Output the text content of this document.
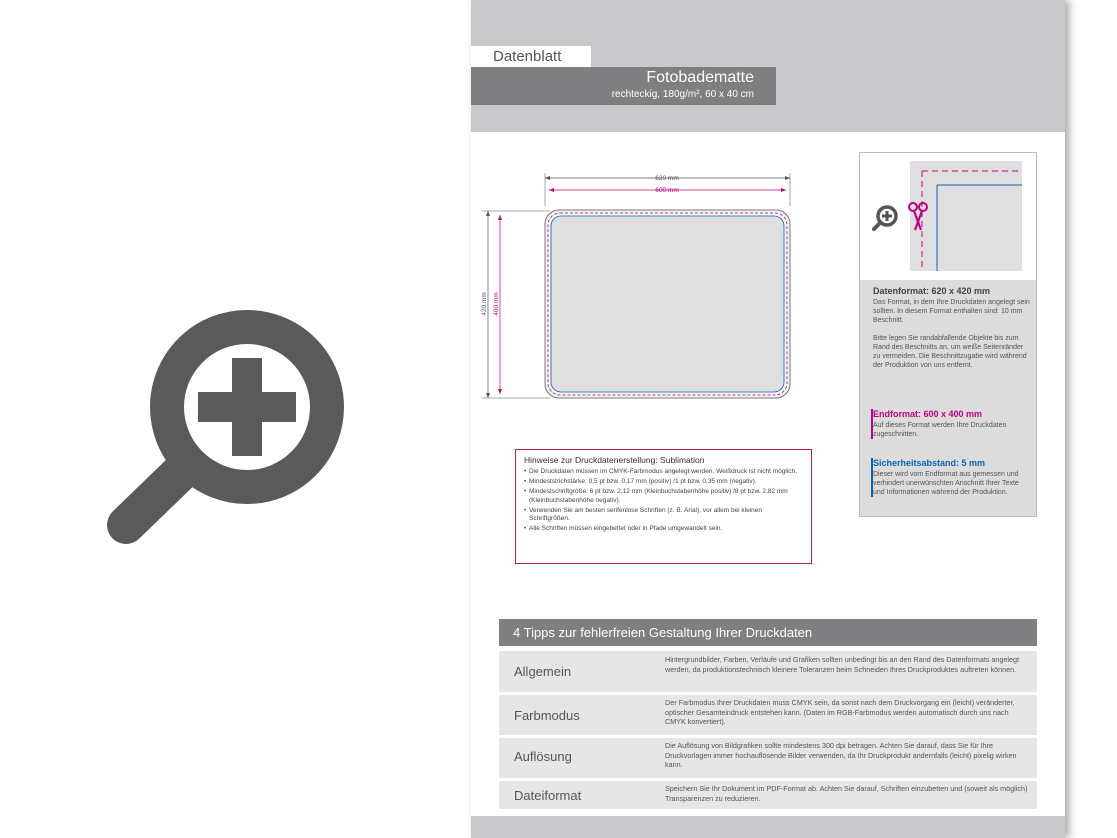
Datenblatt
Fotobadematte
rechteckig, 180g/m², 60 x 40 cm
620 mm
600 mm
420 mm 400 mm
Hinweise zur Druckdatenerstellung: Sublimation
• Die Druckdaten müssen im CMYK-Farbmodus angelegt werden. Weißdruck ist nicht möglich.
• Mindeststrichstärke: 0,5 pt bzw. 0,17 mm (positiv) /1 pt bzw. 0,35 mm (negativ).
• Mindestschriftgröße: 6 pt bzw. 2,12 mm (Kleinbuchstabenhöhe positiv) /8 pt bzw. 2,82 mm (Kleinbuchstabenhöhe negativ).
• Verwenden Sie am besten serifenlose Schriften (z. B. Arial), vor allem bei kleinen Schriftgrößen.
• Alle Schriften müssen eingebettet oder in Pfade umgewandelt sein.
Datenformat: 620 x 420 mm
Das Format, in dem Ihre Druckdaten angelegt sein sollten. In diesem Format enthalten sind: 10 mm Beschnitt.
Bitte legen Sie randabfallende Objekte bis zum Rand des Beschnitts an, um weiße Seitenränder zu vermeiden. Die Beschnittzugabe wird während der Produktion von uns entfernt.
Endformat: 600 x 400 mm
Auf dieses Format werden Ihre Druckdaten zugeschnitten.
Sicherheitsabstand: 5 mm
Dieser wird vom Endformat aus gemessen und verhindert unerwünschten Anschnitt Ihrer Texte und Informationen während der Produktion.
4 Tipps zur fehlerfreien Gestaltung Ihrer Druckdaten
Allgemein
Hintergrundbilder, Farben, Verläufe und Grafiken sollten unbedingt bis an den Rand des Datenformats angelegt werden, da produktionstechnisch kleinere Toleranzen beim Schneiden Ihres Druckproduktes auftreten können.
Farbmodus
Der Farbmodus Ihrer Druckdaten muss CMYK sein, da sonst nach dem Druckvorgang ein (leicht) veränderter, optischer Gesamteindruck entstehen kann. (Daten im RGB-Farbmodus werden automatisch durch uns nach CMYK konvertiert).
Auflösung
Die Auflösung von Bildgrafiken sollte mindestens 300 dpi betragen. Achten Sie darauf, dass Sie für Ihre Druckvorlagen immer hochauflösende Bilder verwenden, da Ihr Druckprodukt andernfalls (leicht) pixelig wirken kann.
Dateiformat	Speichern Sie Ihr Dokument im PDF-Format ab. Achten Sie darauf, Schriften einzubetten und (soweit als möglich) Transparenzen zu reduzieren.
